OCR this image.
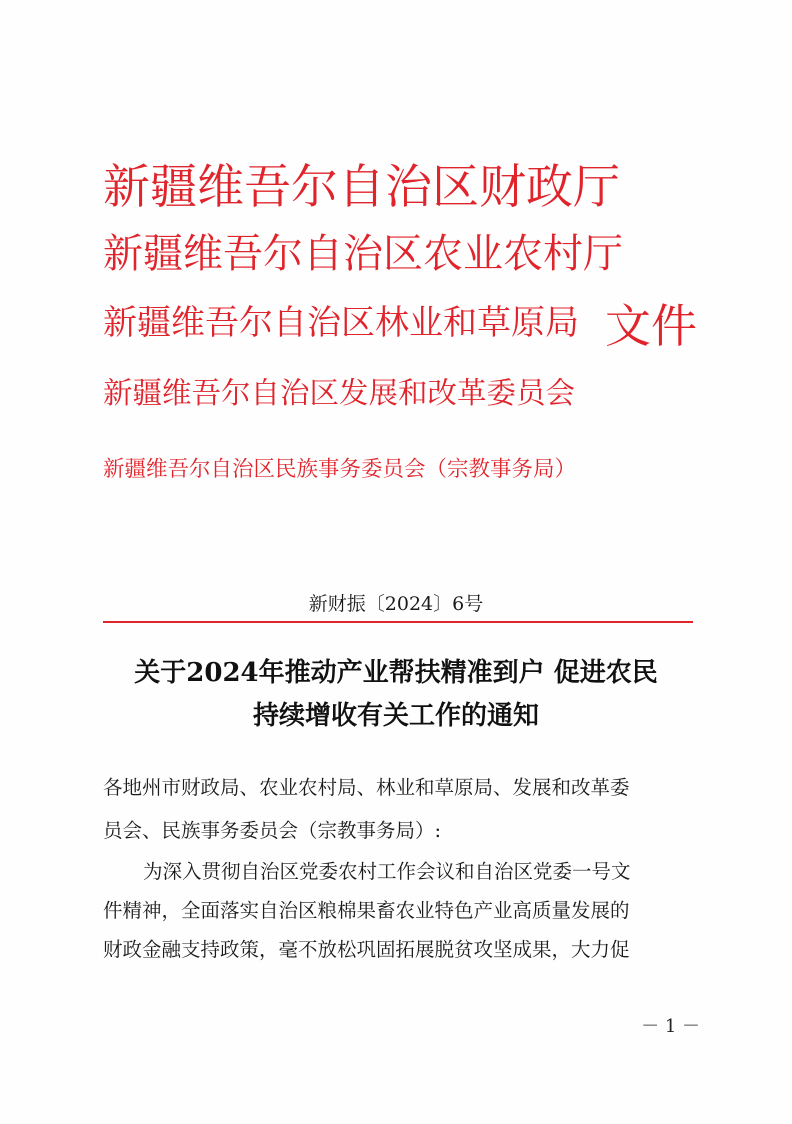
新疆维吾尔自治区财政厅
新疆维吾尔自治区农业农村厅
新疆维吾尔自治区林业和草原局 文件
新疆维吾尔自治区发展和改革委员会
新疆维吾尔自治区民族事务委员会（宗教事务局）
新财振〔2024〕6号
关于2024年推动产业帮扶精准到户 促进农民
持续增收有关工作的通知
各地州市财政局、农业农村局、林业和草原局、发展和改革委
员会、民族事务委员会（宗教事务局）:
为深入贯彻自治区党委农村工作会议和自治区党委一号文
件精神，全面落实自治区粮棉果畜农业特色产业高质量发展的
财政金融支持政策，毫不放松巩固拓展脱贫攻坚成果，大力促
－ 1 －
